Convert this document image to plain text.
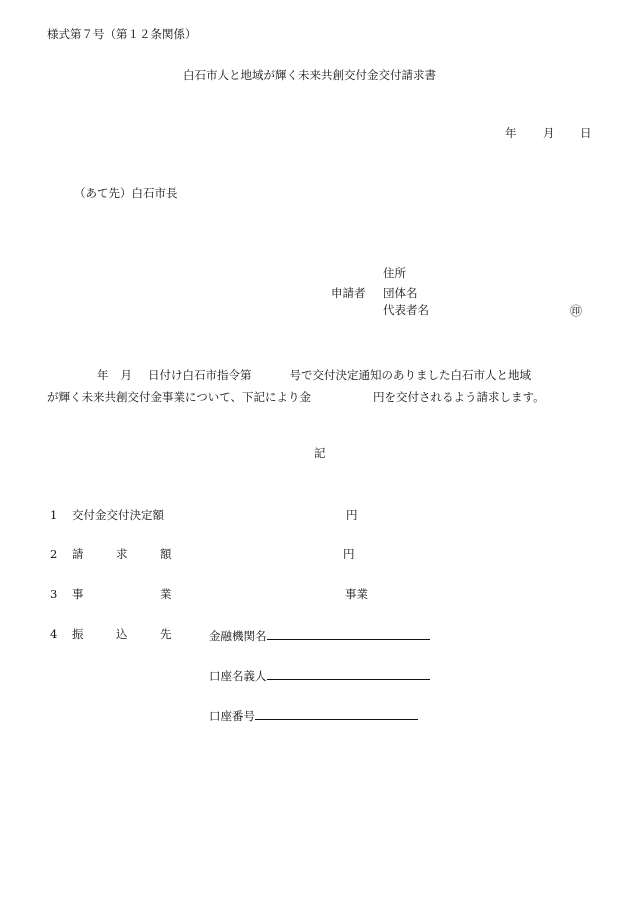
様式第７号（第１２条関係）
白石市人と地域が輝く未来共創交付金交付請求書
年 月 日
（あて先）白石市長
住所
申請者 団体名
代表者名	㊞
年 月 日付け白石市指令第	号で交付決定通知のありました白石市人と地域
が輝く未来共創交付金事業について、下記により金	円を交付されるよう請求します。
記
1 交付金交付決定額	円
2 請	求	額	円
3 事	業	事業
4 振	込	先	金融機関名
口座名義人
口座番号
